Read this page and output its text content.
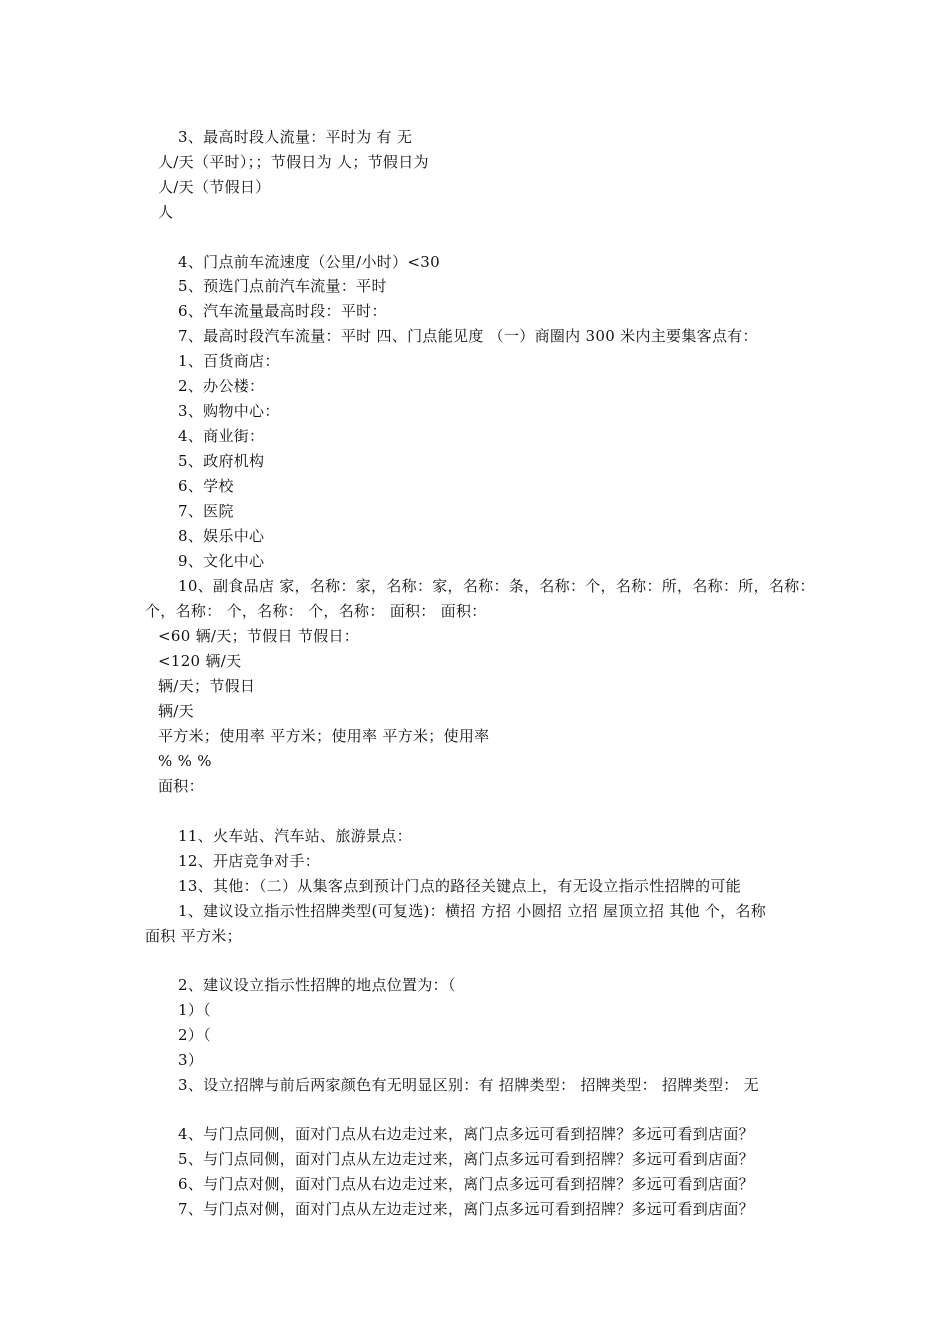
3、最高时段人流量：平时为 有 无
人/天（平时）；；节假日为 人；节假日为
人/天（节假日）
人
4、门点前车流速度（公里/小时）<30
5、预选门点前汽车流量：平时
6、汽车流量最高时段：平时：
7、最高时段汽车流量：平时 四、门点能见度 （一）商圈内 300 米内主要集客点有：
1、百货商店：
2、办公楼：
3、购物中心：
4、商业街：
5、政府机构
6、学校
7、医院
8、娱乐中心
9、文化中心
10、副食品店 家，名称：家，名称：家，名称：条，名称：个，名称：所，名称：所，名称：
个，名称： 个，名称： 个，名称： 面积： 面积：
<60 辆/天；节假日 节假日：
<120 辆/天
辆/天；节假日
辆/天
平方米；使用率 平方米；使用率 平方米；使用率
% % %
面积：
11、火车站、汽车站、旅游景点：
12、开店竞争对手：
13、其他：（二）从集客点到预计门点的路径关键点上，有无设立指示性招牌的可能
1、建议设立指示性招牌类型(可复选)：横招 方招 小圆招 立招 屋顶立招 其他 个，名称
面积 平方米；
2、建议设立指示性招牌的地点位置为：（
1）（
2）（
3）
3、设立招牌与前后两家颜色有无明显区别：有 招牌类型： 招牌类型： 招牌类型： 无
4、与门点同侧，面对门点从右边走过来，离门点多远可看到招牌？多远可看到店面？
5、与门点同侧，面对门点从左边走过来，离门点多远可看到招牌？多远可看到店面？
6、与门点对侧，面对门点从右边走过来，离门点多远可看到招牌？多远可看到店面？
7、与门点对侧，面对门点从左边走过来，离门点多远可看到招牌？多远可看到店面？
